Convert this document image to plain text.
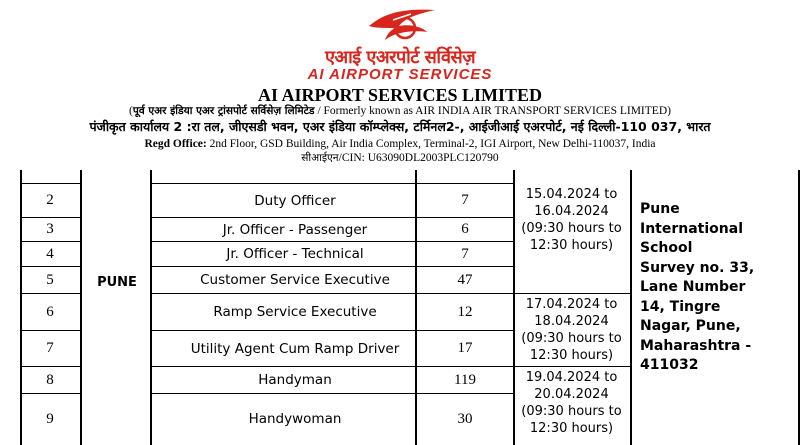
एआई एअरपोर्ट सर्विसेज़
AI AIRPORT SERVICES
AI AIRPORT SERVICES LIMITED
(पूर्व एअर इंडिया एअर ट्रांसपोर्ट सर्विसेज़ लिमिटेड / Formerly known as AIR INDIA AIR TRANSPORT SERVICES LIMITED)
पंजीकृत कार्यालय 2 :रा तल, जीएसडी भवन, एअर इंडिया कॉम्प्लेक्स, टर्मिनल2-, आईजीआई एअरपोर्ट, नई दिल्ली-110 037, भारत
Regd Office: 2nd Floor, GSD Building, Air India Complex, Terminal-2, IGI Airport, New Delhi-110037, India
सीआईएन/CIN: U63090DL2003PLC120790
2
3
4
5
6
7
8
9
PUNE
Duty Officer
Jr. Officer - Passenger
Jr. Officer - Technical
Customer Service Executive
Ramp Service Executive
Utility Agent Cum Ramp Driver
Handyman
Handywoman
7
6
7
47
12
17
119
30
15.04.2024 to
16.04.2024
(09:30 hours to
12:30 hours)
17.04.2024 to
18.04.2024
(09:30 hours to
12:30 hours)
19.04.2024 to
20.04.2024
(09:30 hours to
12:30 hours)
Pune
International
School
Survey no. 33,
Lane Number
14, Tingre
Nagar, Pune,
Maharashtra -
411032
